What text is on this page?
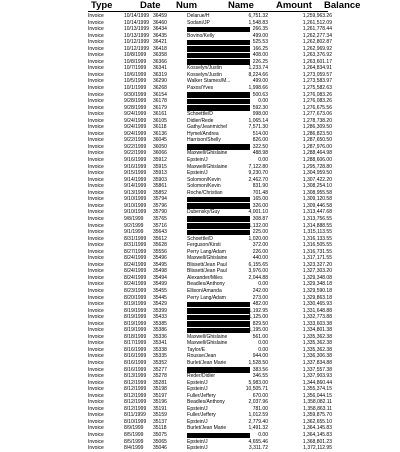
Type	Date Num	Name Amount Balance
Invoice	10/14/1999 36459	Delarue/H	6,751.32	1,259,963.26
Invoice	10/14/1999 36460	Sodani/JP	1,548.83	1,261,512.09
Invoice	10/13/1999 36434	266.35	1,261,778.44
Invoice	10/13/1999 36435	Bovino/Kelly	499.00	1,262,277.34
Invoice	10/12/1999 36421	525.53	1,262,802.87
Invoice	10/12/1999 36418	166.25	1,262,969.92
Invoice	10/8/1999 36358	408.00	1,263,376.92
Invoice	10/8/1999 36366	226.25	1,263,601.17
Invoice	10/7/1999 36341	Kosselyn/Justin	1,233.74	1,264,834.91
Invoice	10/6/1999 36319	Kosselyn/Justin	8,224.66	1,273,059.57
Invoice	10/5/1999 36290	Walker Stames/M...	499.00	1,273,583.97
Invoice	10/1/1999 36268	Paxos/Yves	1,998.66	1,275,582.63
Invoice	9/30/1999 36154	500.63	1,276,083.26
Invoice	9/28/1999 36178	0.00	1,276,083.26
Invoice	9/28/1999 36179	592.30	1,276,675.56
Invoice	9/24/1999 36161	Schoettle/D	998.00	1,277,673.06
Invoice	9/24/1999 36105	Didier/Rede	1,065.14	1,278,738.20
Invoice	9/24/1999 36118	Gathy/Jeanmichel	7,571.30	1,286,309.50
Invoice	9/24/1999 36136	Hymel/Andrea	514.00	1,286,823.50
Invoice	9/22/1999 36045	Harrison/Shelly	826.00	1,287,650.50
Invoice	9/22/1999 36050	322.50	1,287,976.00
Invoice	9/22/1999 36066	Maxwell/Ghislaine	488.98	1,288,464.98
Invoice	9/16/1999 35912	Epstein/J	0.00	1,288,606.00
Invoice	9/16/1999 35915	Maxwell/Ghislaine	7,122.80	1,295,728.80
Invoice	9/15/1999 35913	Epstein/J	9,230.70	1,304,959.50
Invoice	9/14/1999 35903	Solomon/Kevin	2,462.70	1,307,422.20
Invoice	9/14/1999 35861	Solomon/Kevin	831.90	1,308,254.10
Invoice	9/13/1999 35852	Roche/Christian	701.48	1,308,955.58
Invoice	9/10/1999 35794	165.00	1,309,120.58
Invoice	9/10/1999 35796	326.00	1,309,446.58
Invoice	9/10/1999 35790	Dubensky/Guy	4,001.10	1,313,447.68
Invoice	9/8/1999 35765	308.87	1,313,756.55
Invoice	9/2/1999 35716	1,132.00	1,314,888.55
Invoice	9/1/1999 35643	225.00	1,315,113.55
Invoice	8/31/1999 35612	Schoettle/D	1,020.00	1,316,133.55
Invoice	8/31/1999 35628	Ferguson/Kirsti	372.00	1,316,505.55
Invoice	8/27/1999 35556	Perry Lang/Adam	226.00	1,316,731.55
Invoice	8/24/1999 35496	Maxwell/Ghislaine	440.00	1,317,171.55
Invoice	8/24/1999 35495	Blissett/Jean Paul	6,155.65	1,323,327.20
Invoice	8/24/1999 35498	Blissett/Jean Paul	3,976.00	1,327,303.20
Invoice	8/24/1999 35494	Alexander/Miles	2,044.88	1,329,348.08
Invoice	8/24/1999 35499	Beadles/Anthony	0.00	1,329,348.18
Invoice	8/23/1999 35455	Ellison/Amanda	242.00	1,329,590.18
Invoice	8/20/1999 35445	Perry Lang/Adam	273.00	1,329,863.18
Invoice	8/19/1999 35429	482.00	1,330,465.93
Invoice	8/19/1999 35399	1,192.95	1,331,648.88
Invoice	8/19/1999 35433	1,125.00	1,332,773.88
Invoice	8/19/1999 35385	829.50	1,333,603.38
Invoice	8/19/1999 35386	1,195.00	1,334,801.38
Invoice	8/18/1999 35336	Maxwell/Ghislaine	561.00	1,335,362.38
Invoice	8/17/1999 35341	Maxwell/Ghislaine	0.00	1,335,362.38
Invoice	8/16/1999 35338	Taylor/E	0.00	1,335,362.38
Invoice	8/16/1999 35335	Rousse/Jean	944.00	1,336,306.38
Invoice	8/16/1999 35352	Burlet/Jean Marie	1,528.50	1,337,834.88
Invoice	8/16/1999 35277	383.56	1,337,557.38
Invoice	8/13/1999 35278	Reder/Didier	346.55	1,337,903.93
Invoice	8/12/1999 35281	Epstein/J	5,983.00	1,344,860.44
Invoice	8/12/1999 35198	Epstein/J	10,505.71	1,355,374.15
Invoice	8/12/1999 35197	Fuller/Jeffery	670.00	1,356,044.15
Invoice	8/12/1999 35196	Beadles/Anthony	2,037.96	1,358,082.11
Invoice	8/12/1999 35191	Epstein/J	781.00	1,358,863.11
Invoice	8/11/1999 35159	Fuller/Jeffery	1,012.59	1,359,875.70
Invoice	8/10/1999 35137	Epstein/J	2,779.40	1,362,655.10
Invoice	8/9/1999 35118	Burlet/Jean Marie	1,491.32	1,364,145.83
Invoice	8/5/1999 35075	0.00	1,364,145.83
Invoice	8/5/1999 35065	Epstein/J	4,655.46	1,368,801.23
Invoice	8/4/1999 35046	Epstein/J	3,311.72	1,372,112.95
